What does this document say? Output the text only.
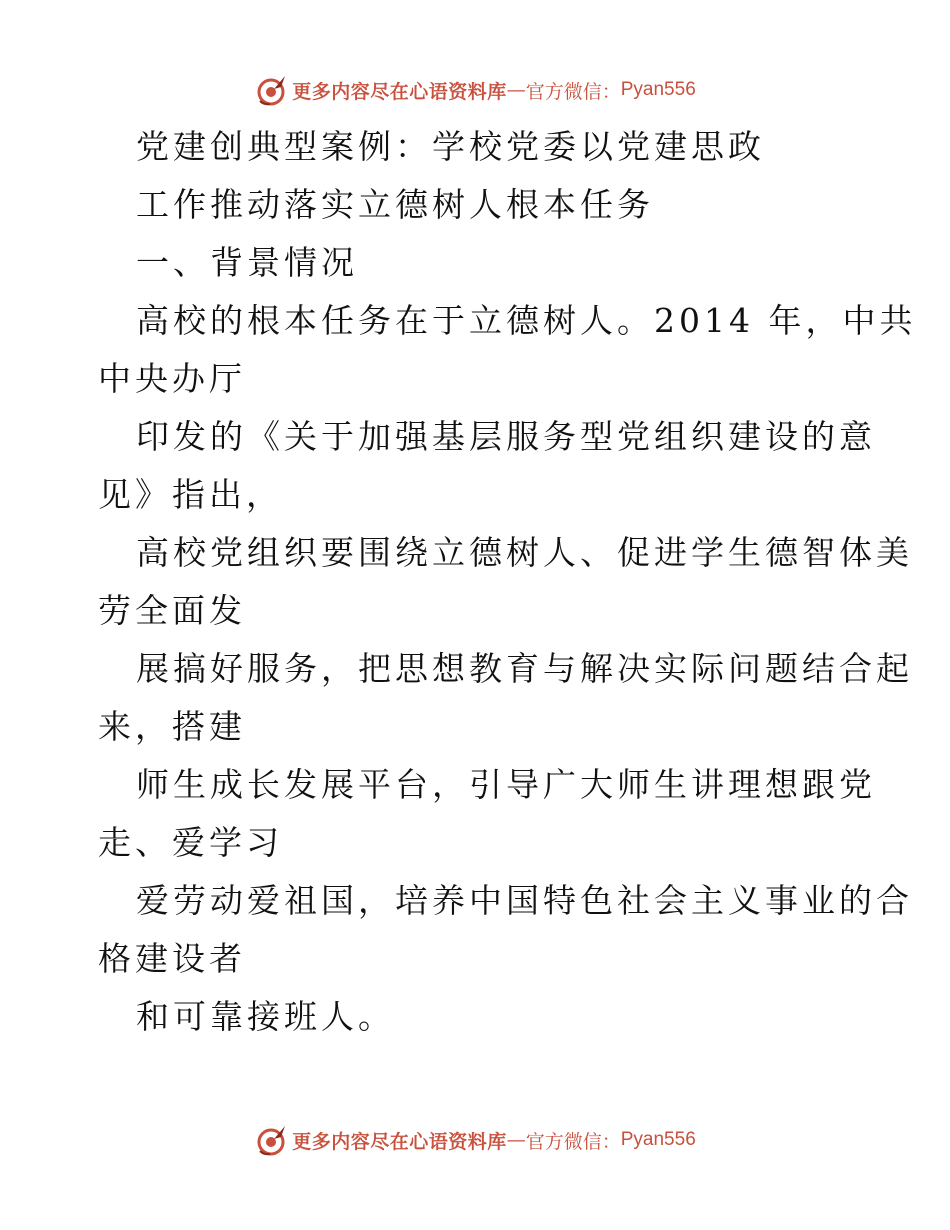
更多内容尽在心语资料库 — 官方微信： Pyan556
党建创典型案例：学校党委以党建思政
工作推动落实立德树人根本任务
一、背景情况
高校的根本任务在于立德树人。2014 年，中共
中央办厅
印发的《关于加强基层服务型党组织建设的意
见》指出，
高校党组织要围绕立德树人、促进学生德智体美
劳全面发
展搞好服务，把思想教育与解决实际问题结合起
来，搭建
师生成长发展平台，引导广大师生讲理想跟党
走、爱学习
爱劳动爱祖国，培养中国特色社会主义事业的合
格建设者
和可靠接班人。
更多内容尽在心语资料库 — 官方微信： Pyan556
